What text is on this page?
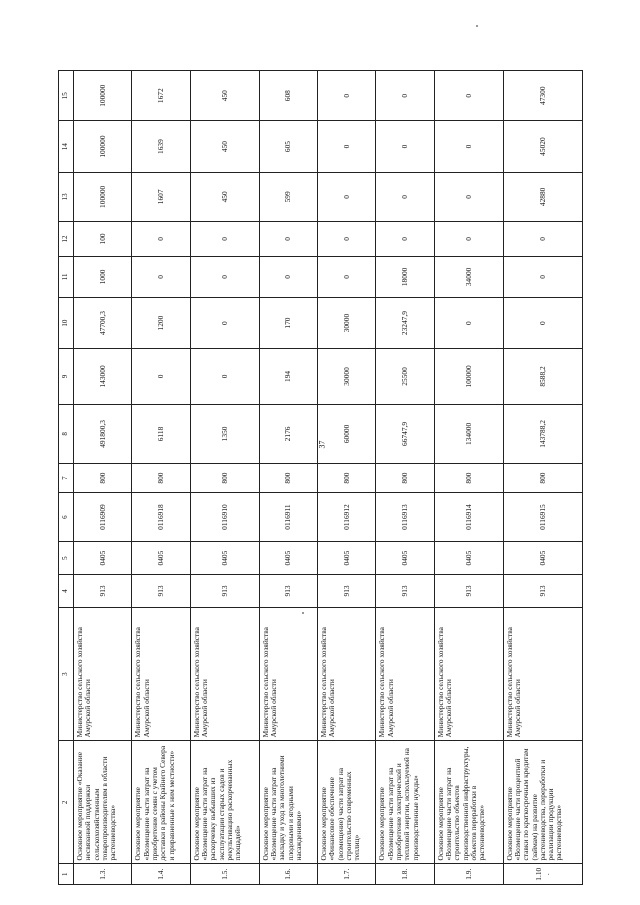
37
1	2	3	4	5	6	7	8	9	10	11	12	13	14	15
1.3.	Основное мероприятие «Оказание несвязанной поддержки сельскохозяйственным товаропроизводителям в области растениеводства»	Министерство сельского хозяйства Амурской области	913	0405	0116909	800	491800,3	143000	47700,3	1000	100	100000	100000	100000
1.4.	Основное мероприятие «Возмещение части затрат на приобретение семян с учетом доставки в районы Крайнего Севера и приравненные к ним местности»	Министерство сельского хозяйства Амурской области	913	0405	0116918	800	6118	0	1200	0	0	1607	1639	1672
1.5.	Основное мероприятие «Возмещение части затрат на раскорчевку выбывших из эксплуатации старых садов и рекультивацию раскорчеванных площадей»	Министерство сельского хозяйства Амурской области	913	0405	0116910	800	1350	0	0	0	0	450	450	450
1.6.	Основное мероприятие «Возмещение части затрат на закладку и уход за многолетними плодовыми и ягодными насаждениями»	Министерство сельского хозяйства Амурской области	913	0405	0116911	800	2176	194	170	0	0	599	605	608
1.7.	Основное мероприятие «Финансовое обеспечение (возмещение) части затрат на строительство современных теплиц»	Министерство сельского хозяйства Амурской области	913	0405	0116912	800	60000	30000	30000	0	0	0	0	0
1.8.	Основное мероприятие «Возмещение части затрат на приобретение электрической и тепловой энергии, используемой на производственные нужды»	Министерство сельского хозяйства Амурской области	913	0405	0116913	800	66747,9	25500	23247,9	18000	0	0	0	0
1.9.	Основное мероприятие «Возмещение части затрат на строительство объектов производственной инфраструктуры, объектов переработки в растениеводстве»	Министерство сельского хозяйства Амурской области	913	0405	0116914	800	134000	100000	0	34000	0	0	0	0
1.10.	Основное мероприятие «Возмещение части процентной ставки по краткосрочным кредитам (займам) на развитие растениеводства, переработки и реализации продукции растениеводства»	Министерство сельского хозяйства Амурской области	913	0405	0116915	800	143788,2	8588,2	0	0	0	42880	45020	47300
